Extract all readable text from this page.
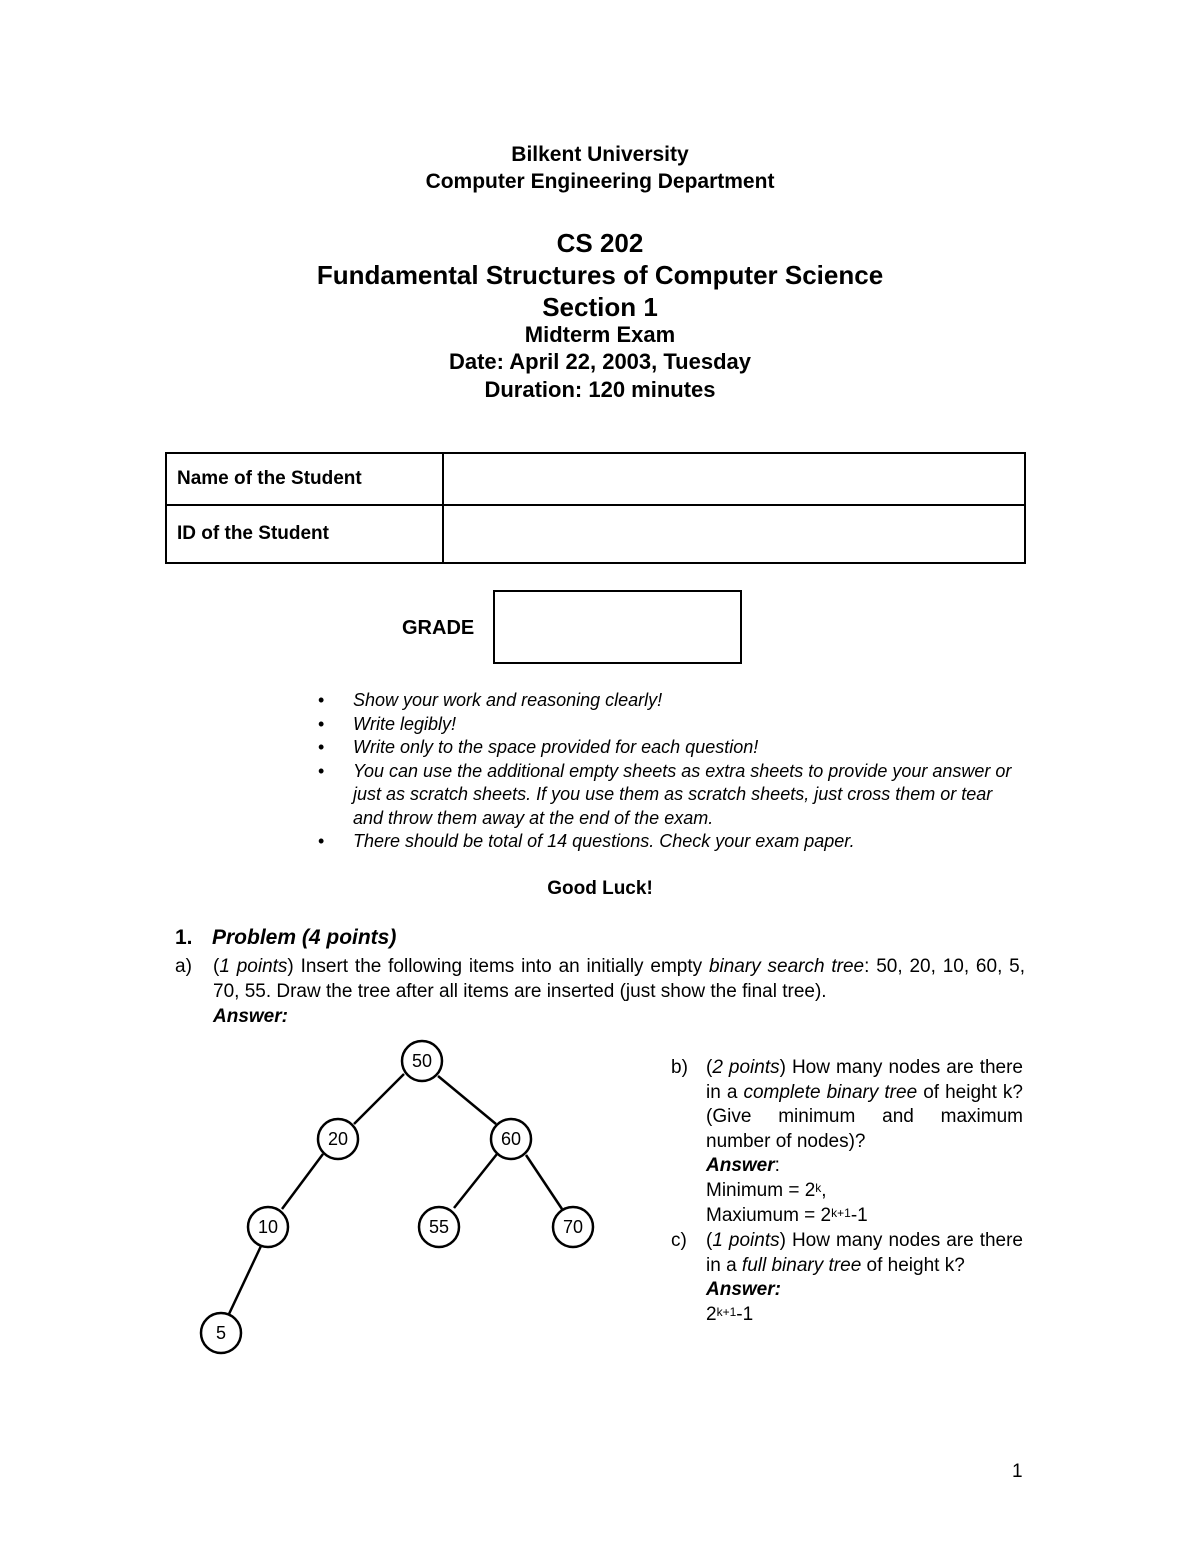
Bilkent University
Computer Engineering Department
CS 202
Fundamental Structures of Computer Science
Section 1
Midterm Exam
Date: April 22, 2003, Tuesday
Duration: 120 minutes
Name of the Student	
ID of the Student	
GRADE
• Show your work and reasoning clearly!
• Write legibly!
• Write only to the space provided for each question!
• You can use the additional empty sheets as extra sheets to provide your answer or just as scratch sheets. If you use them as scratch sheets, just cross them or tear and throw them away at the end of the exam.
• There should be total of 14 questions. Check your exam paper.
Good Luck!
1. Problem (4 points)
a) (1 points) Insert the following items into an initially empty binary search tree: 50, 20, 10, 60, 5, 70, 55. Draw the tree after all items are inserted (just show the final tree).
Answer:
50
20	60
10	55	70
5
b) (2 points) How many nodes are there in a complete binary tree of height k? (Give minimum and maximum number of nodes)?
Answer:
Minimum = $2^k$,
Maxiumum = $2^{k+1}-1$
c) (1 points) How many nodes are there in a full binary tree of height k?
Answer:
$2^{k+1}-1$
1
